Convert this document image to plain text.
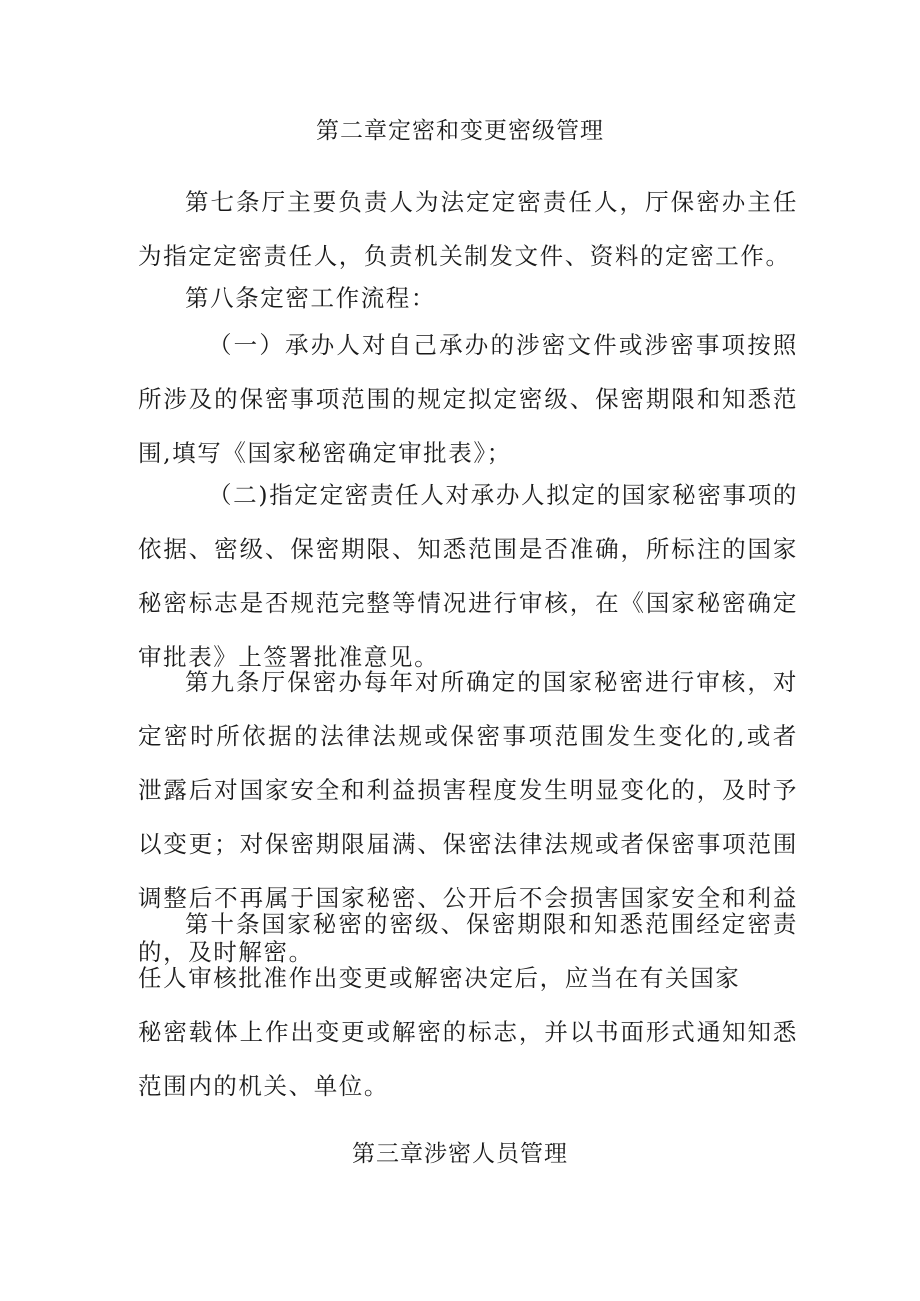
第二章定密和变更密级管理

第七条厅主要负责人为法定定密责任人，厅保密办主任为指定定密责任人，负责机关制发文件、资料的定密工作。

第八条定密工作流程：

（一）承办人对自己承办的涉密文件或涉密事项按照所涉及的保密事项范围的规定拟定密级、保密期限和知悉范围,填写《国家秘密确定审批表》；

（二)指定定密责任人对承办人拟定的国家秘密事项的依据、密级、保密期限、知悉范围是否准确，所标注的国家秘密标志是否规范完整等情况进行审核，在《国家秘密确定审批表》上签署批准意见。

第九条厅保密办每年对所确定的国家秘密进行审核，对定密时所依据的法律法规或保密事项范围发生变化的,或者泄露后对国家安全和利益损害程度发生明显变化的，及时予以变更；对保密期限届满、保密法律法规或者保密事项范围调整后不再属于国家秘密、公开后不会损害国家安全和利益的，及时解密。

第十条国家秘密的密级、保密期限和知悉范围经定密责任人审核批准作出变更或解密决定后，应当在有关国家

秘密载体上作出变更或解密的标志，并以书面形式通知知悉范围内的机关、单位。

第三章涉密人员管理
